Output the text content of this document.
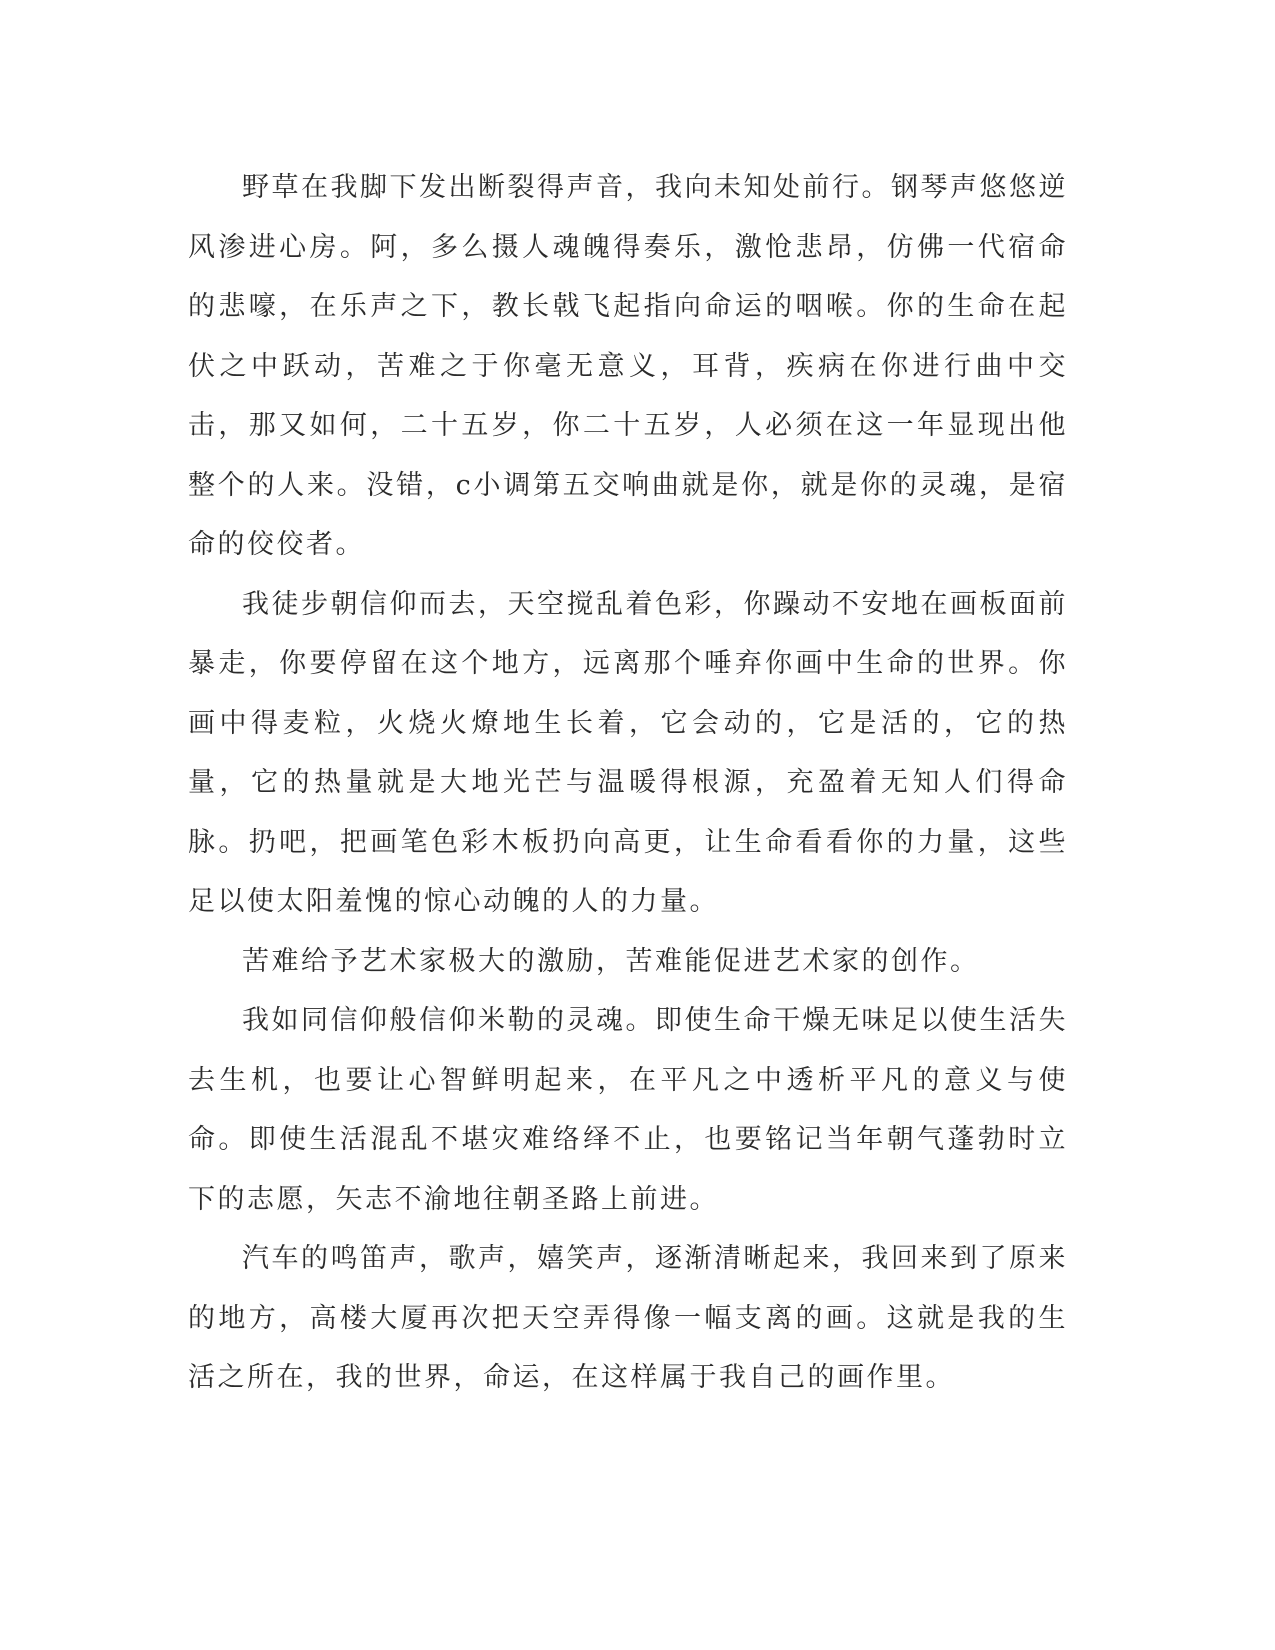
野草在我脚下发出断裂得声音，我向未知处前行。钢琴声悠悠逆风渗进心房。阿，多么摄人魂魄得奏乐，激怆悲昂，仿佛一代宿命的悲嚎，在乐声之下，教长戟飞起指向命运的咽喉。你的生命在起伏之中跃动，苦难之于你毫无意义，耳背，疾病在你进行曲中交击，那又如何，二十五岁，你二十五岁，人必须在这一年显现出他整个的人来。没错，c小调第五交响曲就是你，就是你的灵魂，是宿命的佼佼者。

我徒步朝信仰而去，天空搅乱着色彩，你躁动不安地在画板面前暴走，你要停留在这个地方，远离那个唾弃你画中生命的世界。你画中得麦粒，火烧火燎地生长着，它会动的，它是活的，它的热量，它的热量就是大地光芒与温暖得根源，充盈着无知人们得命脉。扔吧，把画笔色彩木板扔向高更，让生命看看你的力量，这些足以使太阳羞愧的惊心动魄的人的力量。

苦难给予艺术家极大的激励，苦难能促进艺术家的创作。

我如同信仰般信仰米勒的灵魂。即使生命干燥无味足以使生活失去生机，也要让心智鲜明起来，在平凡之中透析平凡的意义与使命。即使生活混乱不堪灾难络绎不止，也要铭记当年朝气蓬勃时立下的志愿，矢志不渝地往朝圣路上前进。

汽车的鸣笛声，歌声，嬉笑声，逐渐清晰起来，我回来到了原来的地方，高楼大厦再次把天空弄得像一幅支离的画。这就是我的生活之所在，我的世界，命运，在这样属于我自己的画作里。
